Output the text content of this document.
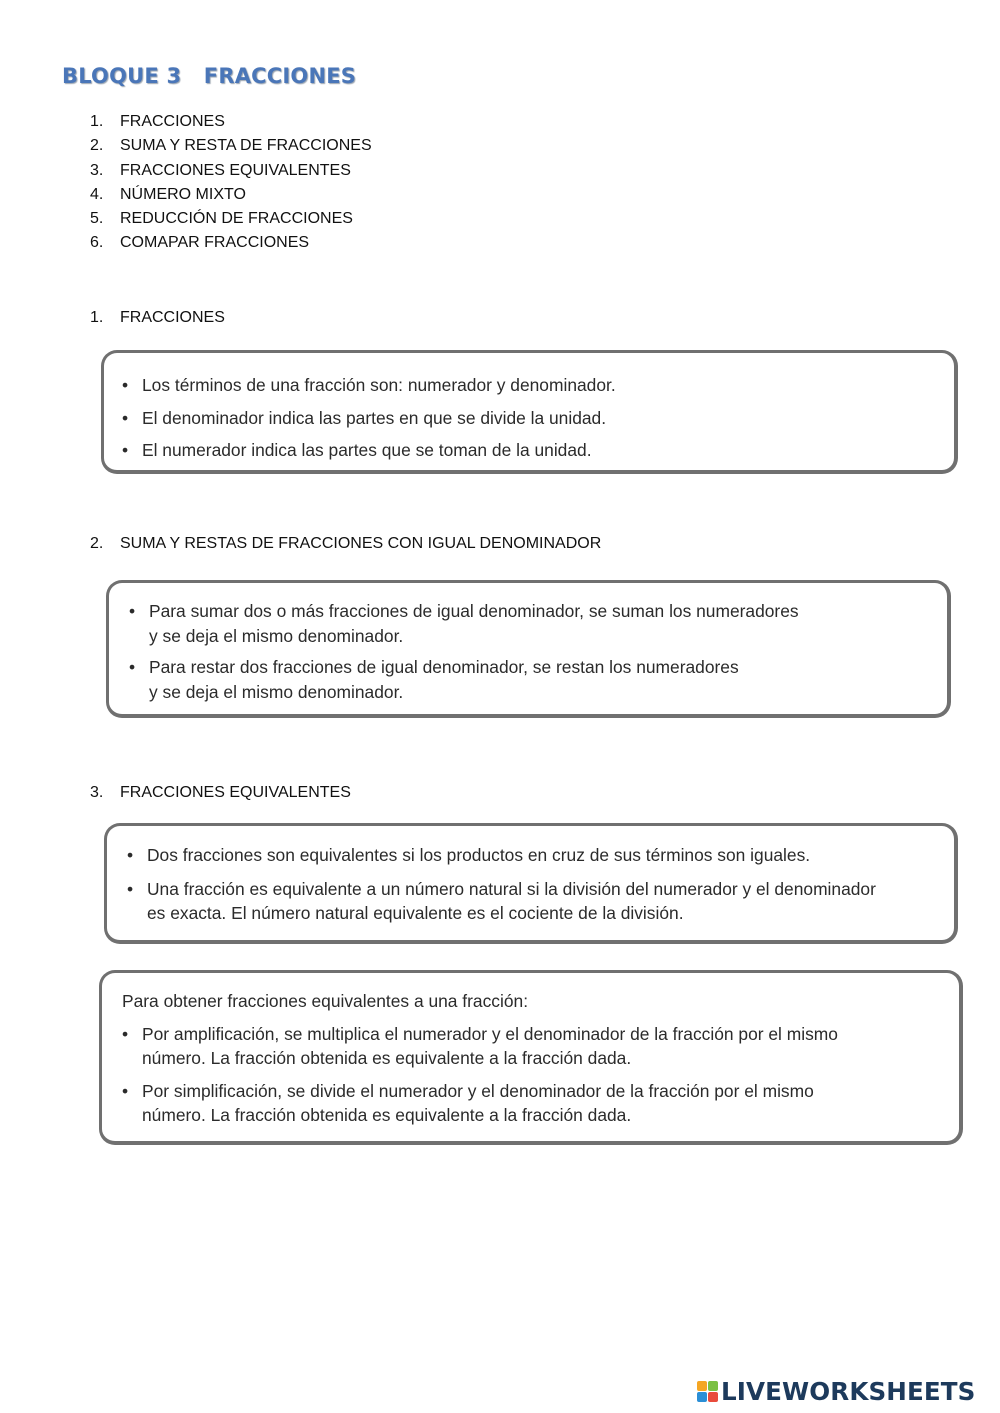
BLOQUE 3   FRACCIONES
1.	FRACCIONES
2.	SUMA Y RESTA DE FRACCIONES
3.	FRACCIONES EQUIVALENTES
4.	NÚMERO MIXTO
5.	REDUCCIÓN DE FRACCIONES
6.	COMAPAR FRACCIONES
1.	FRACCIONES
• Los términos de una fracción son: numerador y denominador.
• El denominador indica las partes en que se divide la unidad.
• El numerador indica las partes que se toman de la unidad.
2.	SUMA Y RESTAS DE FRACCIONES CON IGUAL DENOMINADOR
• Para sumar dos o más fracciones de igual denominador, se suman los numeradores
y se deja el mismo denominador.
• Para restar dos fracciones de igual denominador, se restan los numeradores
y se deja el mismo denominador.
3.	FRACCIONES EQUIVALENTES
• Dos fracciones son equivalentes si los productos en cruz de sus términos son iguales.
• Una fracción es equivalente a un número natural si la división del numerador y el denominador
es exacta. El número natural equivalente es el cociente de la división.

Para obtener fracciones equivalentes a una fracción:

• Por amplificación, se multiplica el numerador y el denominador de la fracción por el mismo
número. La fracción obtenida es equivalente a la fracción dada.
• Por simplificación, se divide el numerador y el denominador de la fracción por el mismo
número. La fracción obtenida es equivalente a la fracción dada.
LIVEWORKSHEETS
